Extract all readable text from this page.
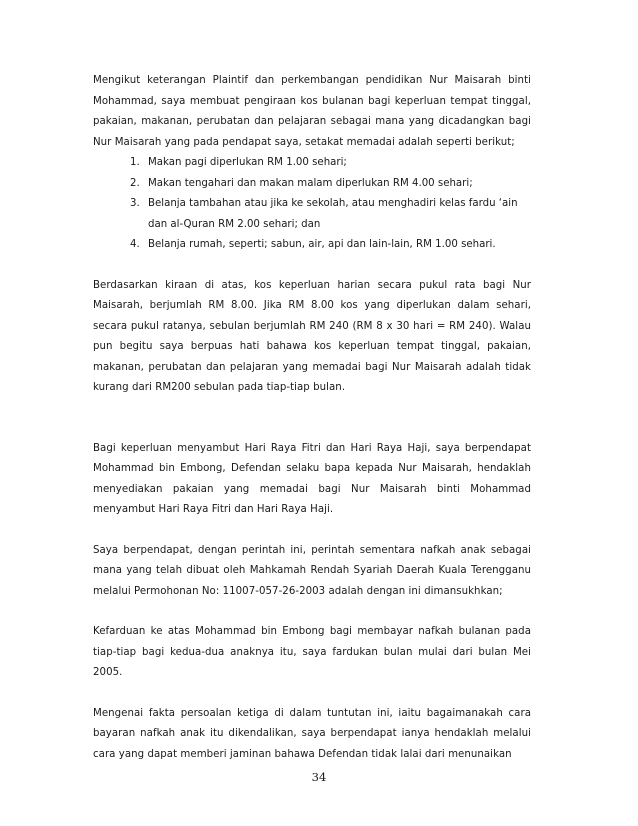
Mengikut keterangan Plaintif dan perkembangan pendidikan Nur Maisarah binti Mohammad, saya membuat pengiraan kos bulanan bagi keperluan tempat tinggal, pakaian, makanan, perubatan dan pelajaran sebagai mana yang dicadangkan bagi Nur Maisarah yang pada pendapat saya, setakat memadai adalah seperti berikut;

1. Makan pagi diperlukan RM 1.00 sehari;
2. Makan tengahari dan makan malam diperlukan RM 4.00 sehari;
3. Belanja tambahan atau jika ke sekolah, atau menghadiri kelas fardu ‘ain dan al-Quran RM 2.00 sehari; dan
4. Belanja rumah, seperti; sabun, air, api dan lain-lain, RM 1.00 sehari.

Berdasarkan kiraan di atas, kos keperluan harian secara pukul rata bagi Nur Maisarah, berjumlah RM 8.00. Jika RM 8.00 kos yang diperlukan dalam sehari, secara pukul ratanya, sebulan berjumlah RM 240 (RM 8 x 30 hari = RM 240). Walau pun begitu saya berpuas hati bahawa kos keperluan tempat tinggal, pakaian, makanan, perubatan dan pelajaran yang memadai bagi Nur Maisarah adalah tidak kurang dari RM200 sebulan pada tiap-tiap bulan.

Bagi keperluan menyambut Hari Raya Fitri dan Hari Raya Haji, saya berpendapat Mohammad bin Embong, Defendan selaku bapa kepada Nur Maisarah, hendaklah menyediakan pakaian yang memadai bagi Nur Maisarah binti Mohammad menyambut Hari Raya Fitri dan Hari Raya Haji.

Saya berpendapat, dengan perintah ini, perintah sementara nafkah anak sebagai mana yang telah dibuat oleh Mahkamah Rendah Syariah Daerah Kuala Terengganu melalui Permohonan No: 11007-057-26-2003 adalah dengan ini dimansukhkan;

Kefarduan ke atas Mohammad bin Embong bagi membayar nafkah bulanan pada tiap-tiap bagi kedua-dua anaknya itu, saya fardukan bulan mulai dari bulan Mei 2005.

Mengenai fakta persoalan ketiga di dalam tuntutan ini, iaitu bagaimanakah cara bayaran nafkah anak itu dikendalikan, saya berpendapat ianya hendaklah melalui cara yang dapat memberi jaminan bahawa Defendan tidak lalai dari menunaikan

34
